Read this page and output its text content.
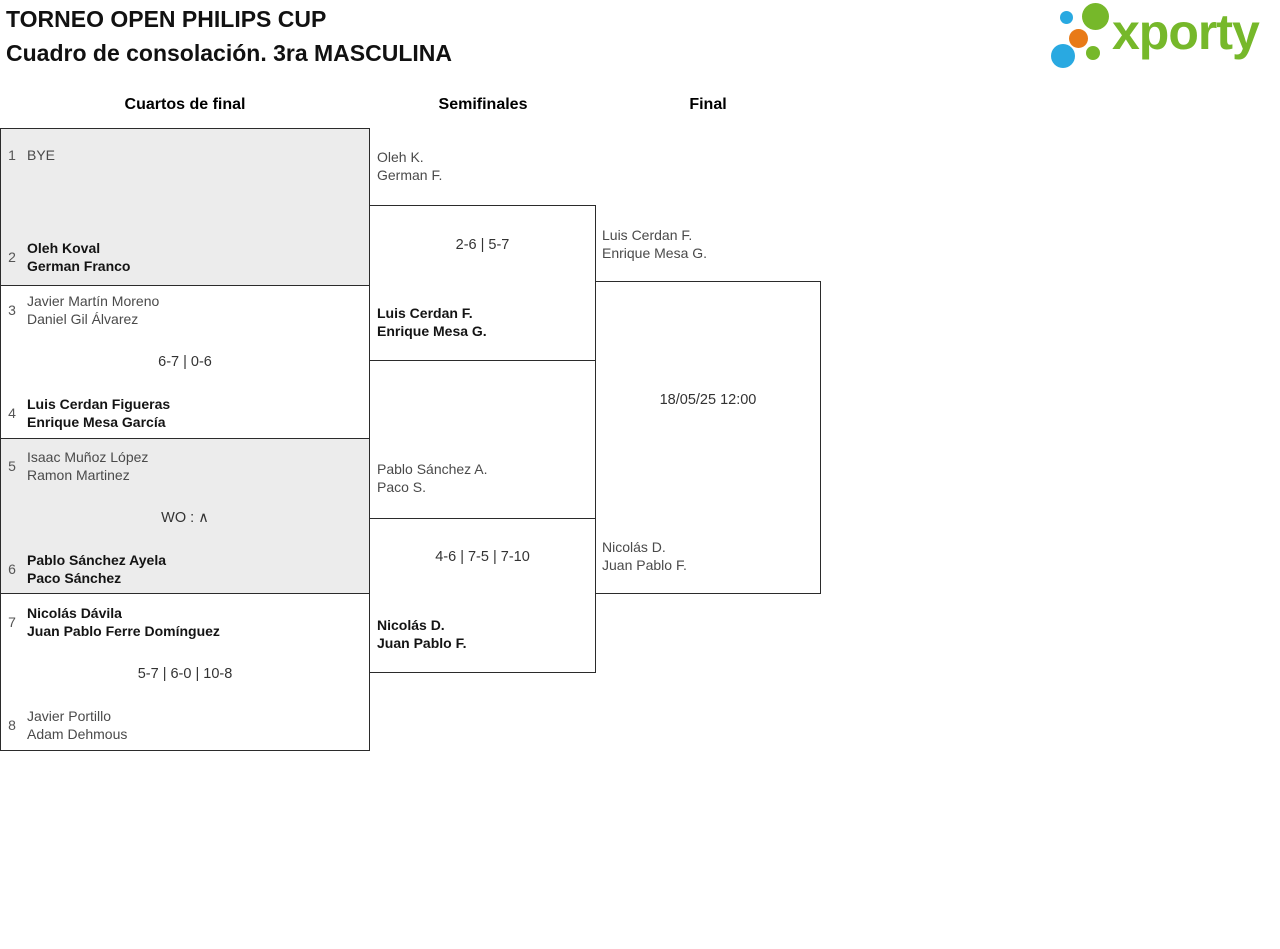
TORNEO OPEN PHILIPS CUP
Cuadro de consolación. 3ra MASCULINA	xporty
Cuartos de final	Semifinales	Final
1 BYE
2
Oleh Koval
German Franco
3
Javier Martín Moreno
Daniel Gil Álvarez
6-7 | 0-6
4
Luis Cerdan Figueras
Enrique Mesa García
5
Isaac Muñoz López
Ramon Martinez
WO : ∧
6
Pablo Sánchez Ayela
Paco Sánchez
7
Nicolás Dávila
Juan Pablo Ferre Domínguez
5-7 | 6-0 | 10-8
8
Javier Portillo
Adam Dehmous
Oleh K.
German F.
2-6 | 5-7
Luis Cerdan F.
Enrique Mesa G.
Pablo Sánchez A.
Paco S.
4-6 | 7-5 | 7-10
Nicolás D.
Juan Pablo F.
Luis Cerdan F.
Enrique Mesa G.
18/05/25 12:00
Nicolás D.
Juan Pablo F.
